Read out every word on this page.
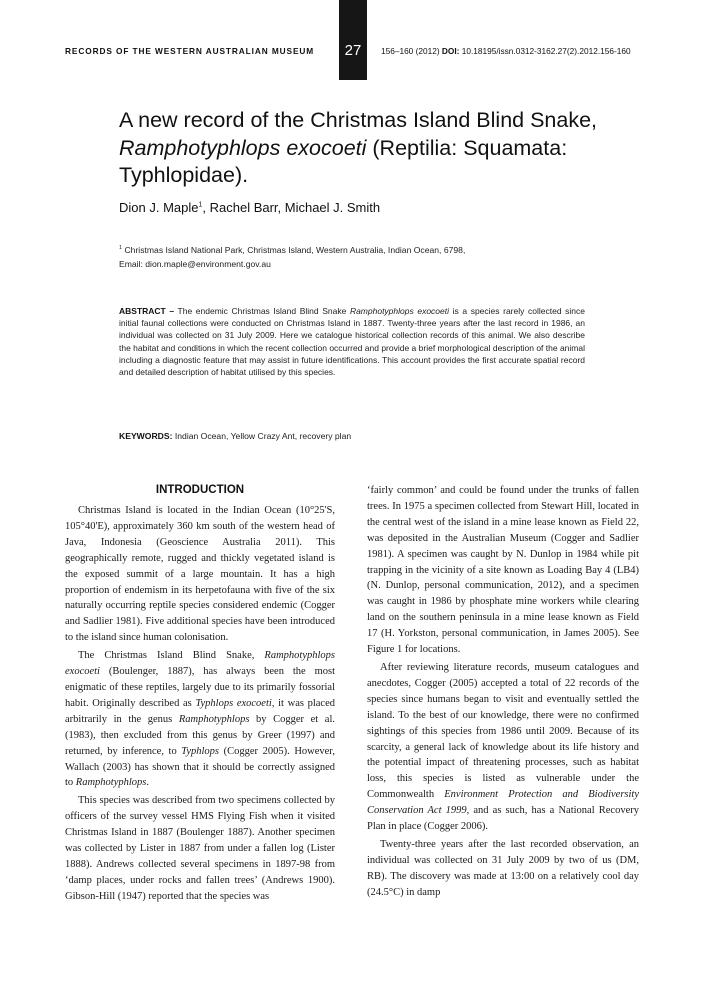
RECORDS OF THE WESTERN AUSTRALIAN MUSEUM	27	156–160 (2012) DOI: 10.18195/issn.0312-3162.27(2).2012.156-160
A new record of the Christmas Island Blind Snake, Ramphotyphlops exocoeti (Reptilia: Squamata: Typhlopidae).
Dion J. Maple$^1$, Rachel Barr, Michael J. Smith
$^1$ Christmas Island National Park, Christmas Island, Western Australia, Indian Ocean, 6798,
Email: dion.maple@environment.gov.au
ABSTRACT – The endemic Christmas Island Blind Snake Ramphotyphlops exocoeti is a species rarely collected since initial faunal collections were conducted on Christmas Island in 1887. Twenty-three years after the last record in 1986, an individual was collected on 31 July 2009. Here we catalogue historical collection records of this animal. We also describe the habitat and conditions in which the recent collection occurred and provide a brief morphological description of the animal including a diagnostic feature that may assist in future identifications. This account provides the first accurate spatial record and detailed description of habitat utilised by this species.
KEYWORDS: Indian Ocean, Yellow Crazy Ant, recovery plan
INTRODUCTION

Christmas Island is located in the Indian Ocean (10°25'S, 105°40'E), approximately 360 km south of the western head of Java, Indonesia (Geoscience Australia 2011). This geographically remote, rugged and thickly vegetated island is the exposed summit of a large mountain. It has a high proportion of endemism in its herpetofauna with five of the six naturally occurring reptile species considered endemic (Cogger and Sadlier 1981). Five additional species have been introduced to the island since human colonisation.

The Christmas Island Blind Snake, Ramphotyphlops exocoeti (Boulenger, 1887), has always been the most enigmatic of these reptiles, largely due to its primarily fossorial habit. Originally described as Typhlops exocoeti, it was placed arbitrarily in the genus Ramphotyphlops by Cogger et al. (1983), then excluded from this genus by Greer (1997) and returned, by inference, to Typhlops (Cogger 2005). However, Wallach (2003) has shown that it should be correctly assigned to Ramphotyphlops.

This species was described from two specimens collected by officers of the survey vessel HMS Flying Fish when it visited Christmas Island in 1887 (Boulenger 1887). Another specimen was collected by Lister in 1887 from under a fallen log (Lister 1888). Andrews collected several specimens in 1897-98 from ‘damp places, under rocks and fallen trees’ (Andrews 1900). Gibson-Hill (1947) reported that the species was

‘fairly common’ and could be found under the trunks of fallen trees. In 1975 a specimen collected from Stewart Hill, located in the central west of the island in a mine lease known as Field 22, was deposited in the Australian Museum (Cogger and Sadlier 1981). A specimen was caught by N. Dunlop in 1984 while pit trapping in the vicinity of a site known as Loading Bay 4 (LB4) (N. Dunlop, personal communication, 2012), and a specimen was caught in 1986 by phosphate mine workers while clearing land on the southern peninsula in a mine lease known as Field 17 (H. Yorkston, personal communication, in James 2005). See Figure 1 for locations.

After reviewing literature records, museum catalogues and anecdotes, Cogger (2005) accepted a total of 22 records of the species since humans began to visit and eventually settled the island. To the best of our knowledge, there were no confirmed sightings of this species from 1986 until 2009. Because of its scarcity, a general lack of knowledge about its life history and the potential impact of threatening processes, such as habitat loss, this species is listed as vulnerable under the Commonwealth Environment Protection and Biodiversity Conservation Act 1999, and as such, has a National Recovery Plan in place (Cogger 2006).

Twenty-three years after the last recorded observation, an individual was collected on 31 July 2009 by two of us (DM, RB). The discovery was made at 13:00 on a relatively cool day (24.5°C) in damp
